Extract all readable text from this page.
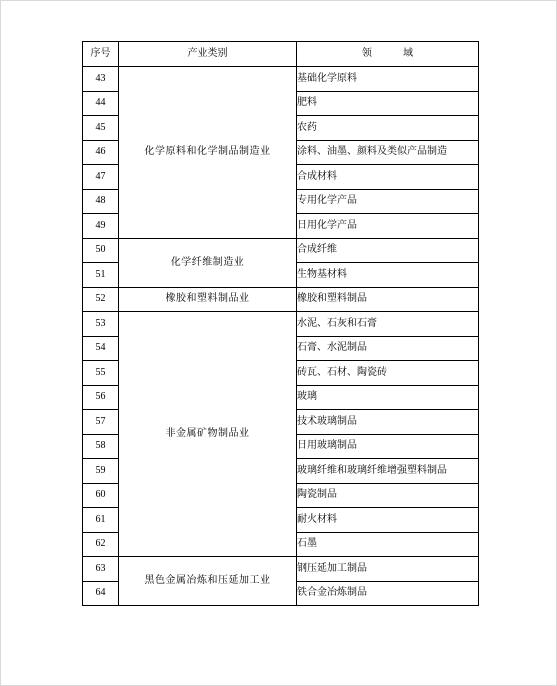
序号	产业类别	领 域
43	化学原料和化学制品制造业	基础化学原料
44		肥料
45		农药
46		涂料、油墨、颜料及类似产品制造
47		合成材料
48		专用化学产品
49		日用化学产品
50	化学纤维制造业	合成纤维
51		生物基材料
52	橡胶和塑料制品业	橡胶和塑料制品
53	非金属矿物制品业	水泥、石灰和石膏
54		石膏、水泥制品
55		砖瓦、石材、陶瓷砖
56		玻璃
57		技术玻璃制品
58		日用玻璃制品
59		玻璃纤维和玻璃纤维增强塑料制品
60		陶瓷制品
61		耐火材料
62		石墨
63	黑色金属冶炼和压延加工业	钢压延加工制品
64		铁合金冶炼制品
